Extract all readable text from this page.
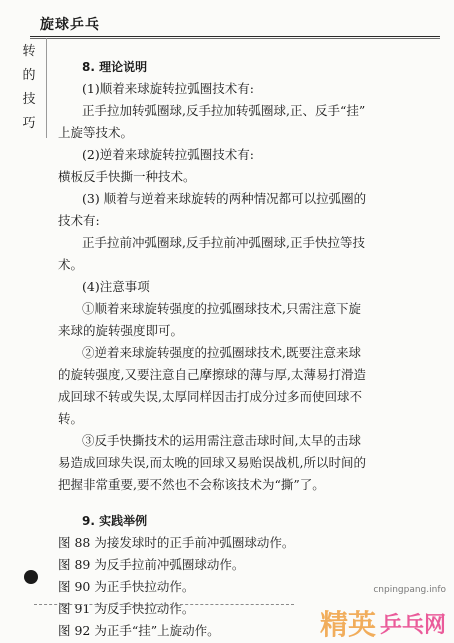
旋球乒乓
转
的
技
巧

8. 理论说明

(1)顺着来球旋转拉弧圈技术有:

正手拉加转弧圈球,反手拉加转弧圈球,正、反手“挂”

上旋等技术。

(2)逆着来球旋转拉弧圈技术有:

横板反手快撕一种技术。

(3) 顺着与逆着来球旋转的两种情况都可以拉弧圈的

技术有:

正手拉前冲弧圈球,反手拉前冲弧圈球,正手快拉等技

术。

(4)注意事项

①顺着来球旋转强度的拉弧圈球技术,只需注意下旋

来球的旋转强度即可。

②逆着来球旋转强度的拉弧圈球技术,既要注意来球

的旋转强度,又要注意自己摩擦球的薄与厚,太薄易打滑造

成回球不转或失误,太厚同样因击打成分过多而使回球不

转。

③反手快撕技术的运用需注意击球时间,太早的击球

易造成回球失误,而太晚的回球又易贻误战机,所以时间的

把握非常重要,要不然也不会称该技术为“撕”了。

9. 实践举例

图 88 为接发球时的正手前冲弧圈球动作。

图 89 为反手拉前冲弧圈球动作。

图 90 为正手快拉动作。

图 91 为反手快拉动作。

图 92 为正手“挂”上旋动作。

cnpingpang.info
精英 乒乓网
